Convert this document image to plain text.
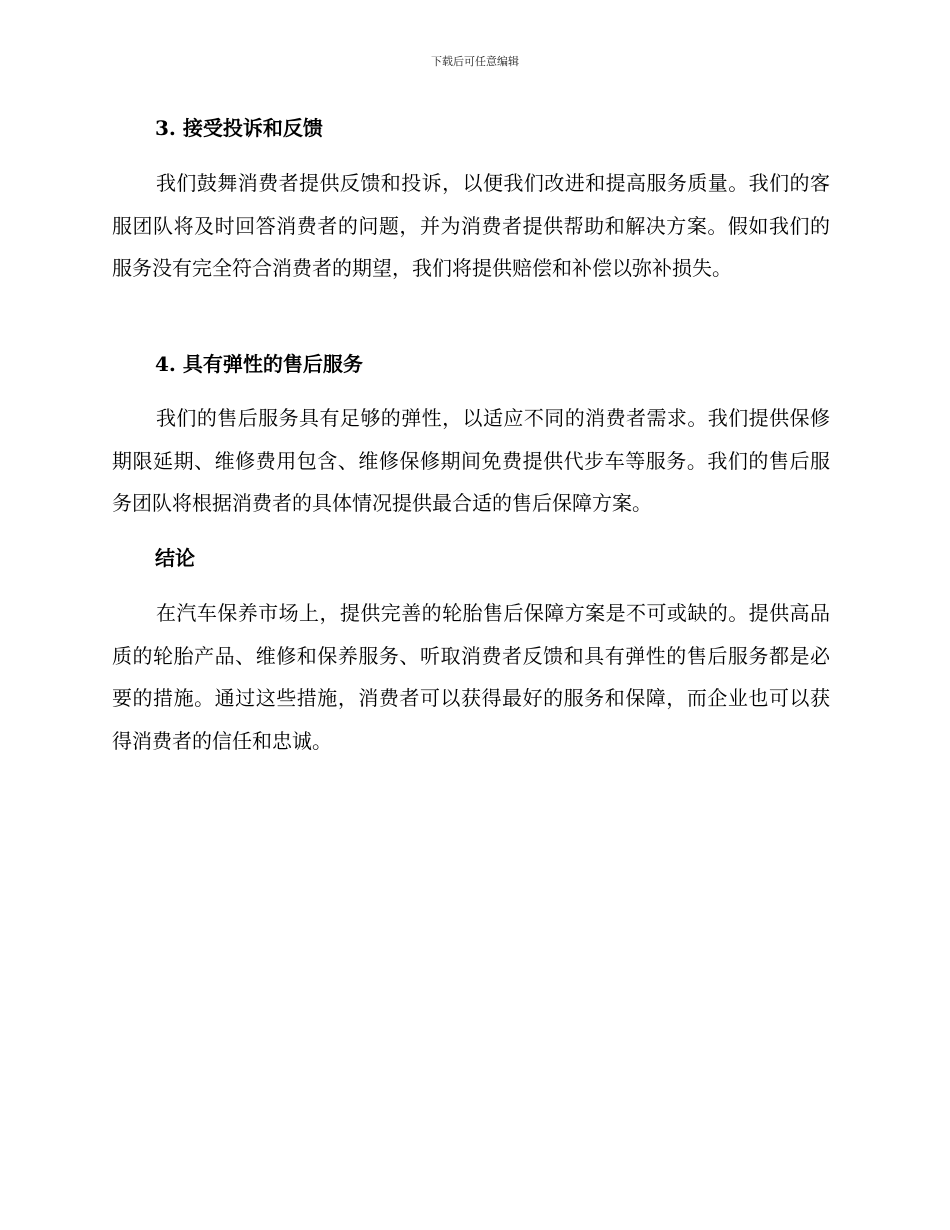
下载后可任意编辑
3. 接受投诉和反馈

我们鼓舞消费者提供反馈和投诉，以便我们改进和提高服务质量。我们的客服团队将及时回答消费者的问题，并为消费者提供帮助和解决方案。假如我们的服务没有完全符合消费者的期望，我们将提供赔偿和补偿以弥补损失。

4. 具有弹性的售后服务

我们的售后服务具有足够的弹性，以适应不同的消费者需求。我们提供保修期限延期、维修费用包含、维修保修期间免费提供代步车等服务。我们的售后服务团队将根据消费者的具体情况提供最合适的售后保障方案。

结论

在汽车保养市场上，提供完善的轮胎售后保障方案是不可或缺的。提供高品质的轮胎产品、维修和保养服务、听取消费者反馈和具有弹性的售后服务都是必要的措施。通过这些措施，消费者可以获得最好的服务和保障，而企业也可以获得消费者的信任和忠诚。
